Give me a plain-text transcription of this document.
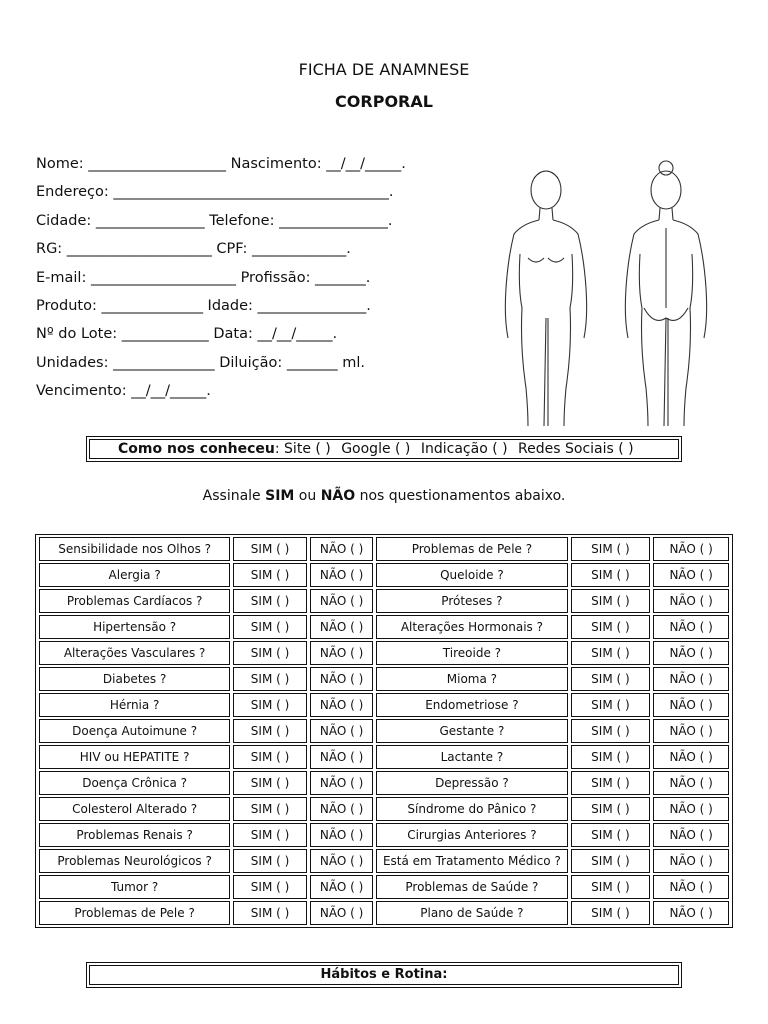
FICHA DE ANAMNESE
CORPORAL
Nome: ___________________ Nascimento: __/__/_____.
Endereço: ______________________________________.
Cidade: _______________ Telefone: _______________.
RG: ____________________ CPF: _____________.
E-mail: ____________________ Profissão: _______.
Produto: ______________ Idade: _______________.
Nº do Lote: ____________ Data: __/__/_____.
Unidades: ______________ Diluição: _______ ml.
Vencimento: __/__/_____.
Como nos conheceu: Site ( ) Google ( ) Indicação ( ) Redes Sociais ( )
Assinale SIM ou NÃO nos questionamentos abaixo.
Sensibilidade nos Olhos ?	SIM ( )	NÃO ( )	Problemas de Pele ?	SIM ( )	NÃO ( )
Alergia ?	SIM ( )	NÃO ( )	Queloide ?	SIM ( )	NÃO ( )
Problemas Cardíacos ?	SIM ( )	NÃO ( )	Próteses ?	SIM ( )	NÃO ( )
Hipertensão ?	SIM ( )	NÃO ( )	Alterações Hormonais ?	SIM ( )	NÃO ( )
Alterações Vasculares ?	SIM ( )	NÃO ( )	Tireoide ?	SIM ( )	NÃO ( )
Diabetes ?	SIM ( )	NÃO ( )	Mioma ?	SIM ( )	NÃO ( )
Hérnia ?	SIM ( )	NÃO ( )	Endometriose ?	SIM ( )	NÃO ( )
Doença Autoimune ?	SIM ( )	NÃO ( )	Gestante ?	SIM ( )	NÃO ( )
HIV ou HEPATITE ?	SIM ( )	NÃO ( )	Lactante ?	SIM ( )	NÃO ( )
Doença Crônica ?	SIM ( )	NÃO ( )	Depressão ?	SIM ( )	NÃO ( )
Colesterol Alterado ?	SIM ( )	NÃO ( )	Síndrome do Pânico ?	SIM ( )	NÃO ( )
Problemas Renais ?	SIM ( )	NÃO ( )	Cirurgias Anteriores ?	SIM ( )	NÃO ( )
Problemas Neurológicos ?	SIM ( )	NÃO ( )	Está em Tratamento Médico ?	SIM ( )	NÃO ( )
Tumor ?	SIM ( )	NÃO ( )	Problemas de Saúde ?	SIM ( )	NÃO ( )
Problemas de Pele ?	SIM ( )	NÃO ( )	Plano de Saúde ?	SIM ( )	NÃO ( )
Hábitos e Rotina:
